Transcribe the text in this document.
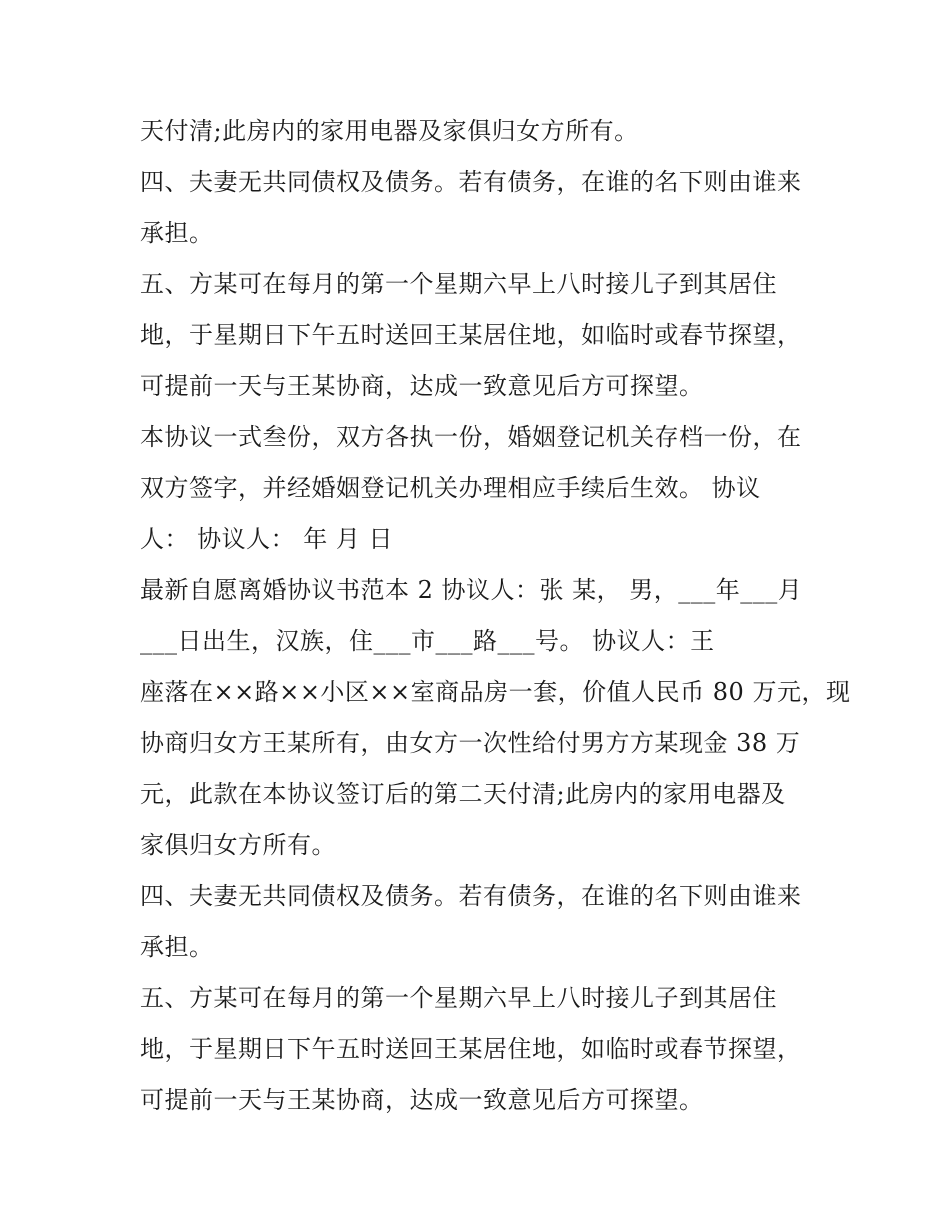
天付清;此房内的家用电器及家俱归女方所有。
四、夫妻无共同债权及债务。若有债务，在谁的名下则由谁来
承担。
五、方某可在每月的第一个星期六早上八时接儿子到其居住
地，于星期日下午五时送回王某居住地，如临时或春节探望，
可提前一天与王某协商，达成一致意见后方可探望。
本协议一式叁份，双方各执一份，婚姻登记机关存档一份，在
双方签字，并经婚姻登记机关办理相应手续后生效。 协议
人： 协议人： 年 月 日
最新自愿离婚协议书范本 2 协议人：张 某， 男，___年___月
___日出生，汉族，住___市___路___号。 协议人：王
座落在××路××小区××室商品房一套，价值人民币 80 万元，现
协商归女方王某所有，由女方一次性给付男方方某现金 38 万
元，此款在本协议签订后的第二天付清;此房内的家用电器及
家俱归女方所有。
四、夫妻无共同债权及债务。若有债务，在谁的名下则由谁来
承担。
五、方某可在每月的第一个星期六早上八时接儿子到其居住
地，于星期日下午五时送回王某居住地，如临时或春节探望，
可提前一天与王某协商，达成一致意见后方可探望。
